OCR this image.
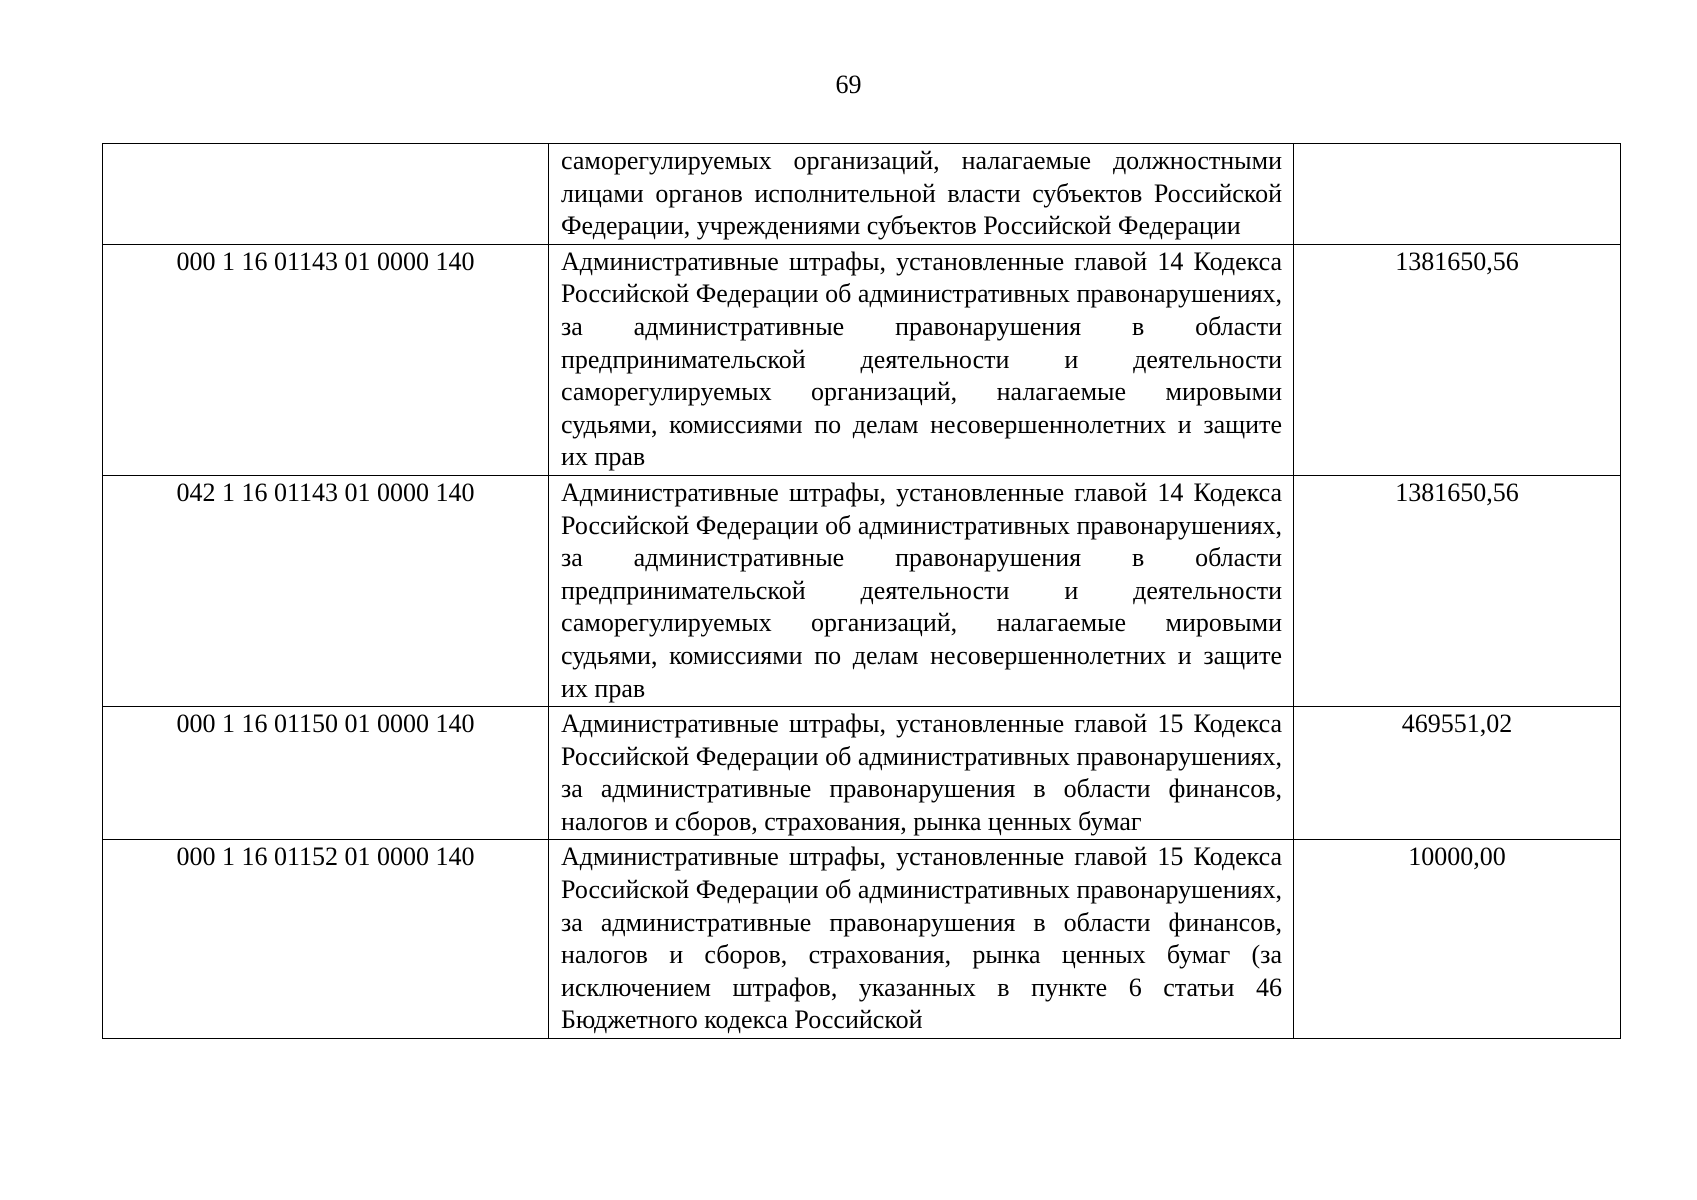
69

	саморегулируемых организаций, налагаемые должностными лицами органов исполнительной власти субъектов Российской Федерации, учреждениями субъектов Российской Федерации	

000 1 16 01143 01 0000 140	Административные штрафы, установленные главой 14 Кодекса Российской Федерации об административных правонарушениях, за административные правонарушения в области предпринимательской деятельности и деятельности саморегулируемых организаций, налагаемые мировыми судьями, комиссиями по делам несовершеннолетних и защите их прав	1381650,56

042 1 16 01143 01 0000 140	Административные штрафы, установленные главой 14 Кодекса Российской Федерации об административных правонарушениях, за административные правонарушения в области предпринимательской деятельности и деятельности саморегулируемых организаций, налагаемые мировыми судьями, комиссиями по делам несовершеннолетних и защите их прав	1381650,56

000 1 16 01150 01 0000 140	Административные штрафы, установленные главой 15 Кодекса Российской Федерации об административных правонарушениях, за административные правонарушения в области финансов, налогов и сборов, страхования, рынка ценных бумаг	469551,02

000 1 16 01152 01 0000 140	Административные штрафы, установленные главой 15 Кодекса Российской Федерации об административных правонарушениях, за административные правонарушения в области финансов, налогов и сборов, страхования, рынка ценных бумаг (за исключением штрафов, указанных в пункте 6 статьи 46 Бюджетного кодекса Российской	10000,00
